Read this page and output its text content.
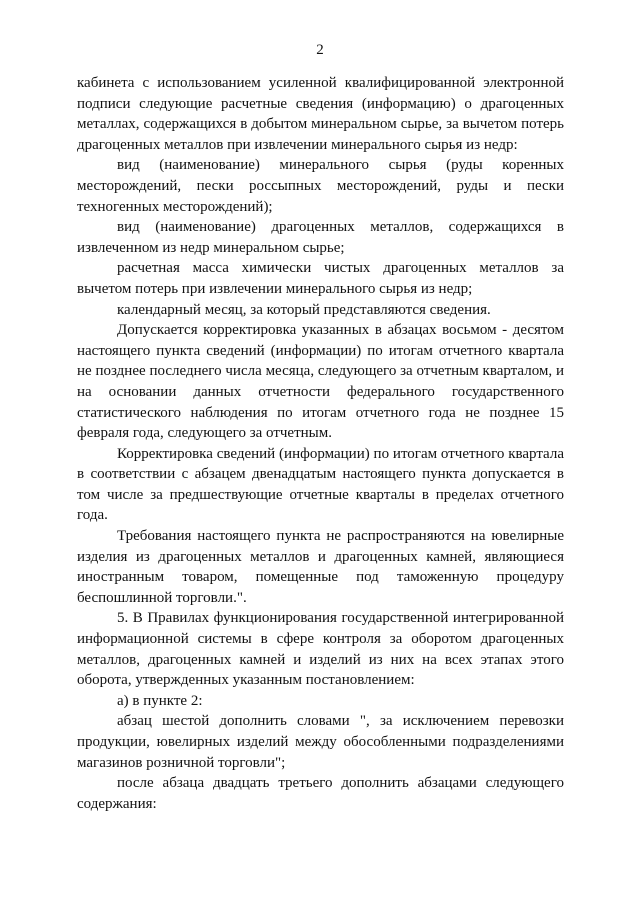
2

кабинета с использованием усиленной квалифицированной электронной подписи следующие расчетные сведения (информацию) о драгоценных металлах, содержащихся в добытом минеральном сырье, за вычетом потерь драгоценных металлов при извлечении минерального сырья из недр:

вид (наименование) минерального сырья (руды коренных месторождений, пески россыпных месторождений, руды и пески техногенных месторождений);

вид (наименование) драгоценных металлов, содержащихся в извлеченном из недр минеральном сырье;

расчетная масса химически чистых драгоценных металлов за вычетом потерь при извлечении минерального сырья из недр;

календарный месяц, за который представляются сведения.

Допускается корректировка указанных в абзацах восьмом - десятом настоящего пункта сведений (информации) по итогам отчетного квартала не позднее последнего числа месяца, следующего за отчетным кварталом, и на основании данных отчетности федерального государственного статистического наблюдения по итогам отчетного года не позднее 15 февраля года, следующего за отчетным.

Корректировка сведений (информации) по итогам отчетного квартала в соответствии с абзацем двенадцатым настоящего пункта допускается в том числе за предшествующие отчетные кварталы в пределах отчетного года.

Требования настоящего пункта не распространяются на ювелирные изделия из драгоценных металлов и драгоценных камней, являющиеся иностранным товаром, помещенные под таможенную процедуру беспошлинной торговли.".

5. В Правилах функционирования государственной интегрированной информационной системы в сфере контроля за оборотом драгоценных металлов, драгоценных камней и изделий из них на всех этапах этого оборота, утвержденных указанным постановлением:

а) в пункте 2:

абзац шестой дополнить словами ", за исключением перевозки продукции, ювелирных изделий между обособленными подразделениями магазинов розничной торговли";

после абзаца двадцать третьего дополнить абзацами следующего содержания:
